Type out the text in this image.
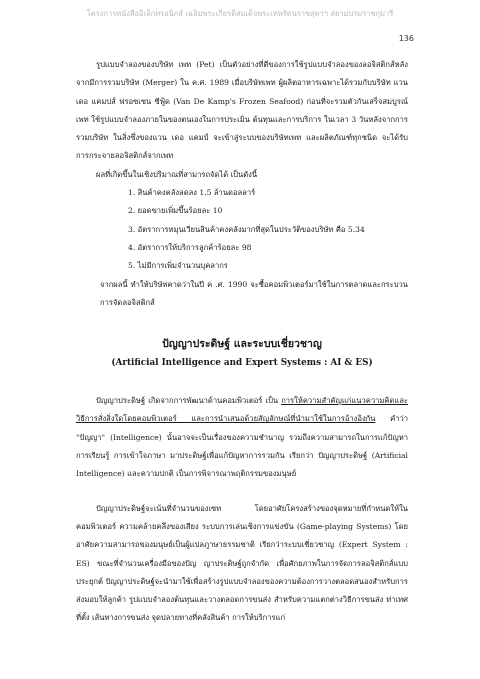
โครงการหนังสืออิเล็กทรอนิกส์ เฉลิมพระเกียรติสมเด็จพระเทพรัตนราชสุดาฯ สยามบรมราชกุมารี
136

รูปแบบจำลองของบริษัท เพท (Pet) เป็นตัวอย่างที่ดีของการใช้รูปแบบจำลองของลอจิสติกส์หลังจากมีการรวมบริษัท (Merger) ใน ค.ศ. 1989 เมื่อบริษัทเพท ผู้ผลิตอาหารเฉพาะได้รวมกับบริษัท แวน เดอ แคมปส์ ฟรอซเซน ซีฟู้ด (Van De Kamp's Frozen Seafood) ก่อนที่จะรวมตัวกันเสร็จสมบูรณ์ เพท ใช้รูปแบบจำลองภายในของตนเองในการประเมิน ต้นทุนและการบริการ ในเวลา 3 วันหลังจากการรวมบริษัท ในสิ่งซึ่งของแวน เดอ แคมป์ จะเข้าสู่ระบบของบริษัทเพท และผลิตภัณฑ์ทุกชนิด จะได้รับการกระจายลอจิสติกส์จากเพท

ผลที่เกิดขึ้นในเชิงปริมาณที่สามารถจัดได้ เป็นดังนี้

1. สินค้าคงคลังลดลง 1.5 ล้านดอลลาร์
2. ยอดขายเพิ่มขึ้นร้อยละ 10
3. อัตราการหมุนเวียนสินค้าคงคลังมากที่สุดในประวัติของบริษัท คือ 5.34
4. อัตราการให้บริการลูกค้าร้อยละ 98
5. ไม่มีการเพิ่มจำนวนบุคลากร

จากผลนี้ ทำให้บริษัทคาดว่าในปี ค .ศ. 1990 จะซื้อคอมพิวเตอร์มาใช้ในการตลาดและกระบวนการจัดลอจิสติกส์

ปัญญาประดิษฐ์ และระบบเชี่ยวชาญ
(Artificial Intelligence and Expert Systems : AI & ES)

ปัญญาประดิษฐ์ เกิดจากการพัฒนาด้านคอมพิวเตอร์ เป็น การให้ความสำคัญแก่แนวความคิดและวิธีการสั่งสิ่งใดโดยคอมพิวเตอร์ และการนำเสนอด้วยสัญลักษณ์ที่นำมาใช้ในการอ้างอิงกัน คำว่า "ปัญญา" (Intelligence) นั้นอาจจะเป็นเรื่องของความชำนาญ รวมถึงความสามารถในการแก้ปัญหา การเรียนรู้ การเข้าใจภาษา มาประดิษฐ์เพื่อแก้ปัญหาการรวมกัน เรียกว่า ปัญญาประดิษฐ์ (Artificial Intelligence) และความปกติ เป็นการพิจารณาพฤติกรรมของมนุษย์

ปัญญาประดิษฐ์จะเน้นที่จำนวนของเซท โดยอาศัยโครงสร้างของจุดหมายที่กำหนดให้ในคอมพิวเตอร์ ความคล้ายคลึงของเสียง ระบบการเล่นเชิงการแข่งขัน (Game-playing Systems) โดยอาศัยความสามารถของมนุษย์เป็นผู้แปลภูาษาธรรมชาติ เรียกว่าระบบเชี่ยวชาญ (Expert System : ES) ขณะที่จำนวนเครื่องมือของปัญ ญาประดิษฐ์ถูกจำกัด เพื่อศักยภาพในการจัดการลอจิสติกส์แบบประยุกต์ ปัญญาประดิษฐ์จะนำมาใช้เพื่อสร้างรูปแบบจำลองของความต้องการวางตลอดสนองสำหรับการส่งมอบให้ลูกค้า รูปแบบจำลองต้นทุนและวางตลอดการขนส่ง สำหรับความแตกต่างวิธีการขนส่ง ท่าเทศที่ตั้ง เส้นทางการขนส่ง จุดปลายทางที่คลังสินค้า การให้บริการแก่
